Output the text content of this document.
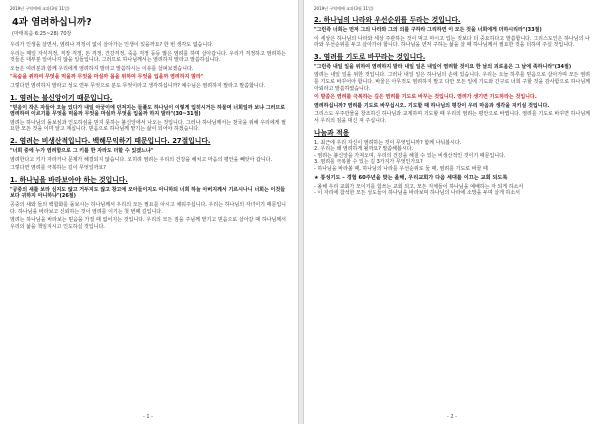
2019년 구역예배 교과(3월 11일)
4과 염려하십니까?
(마태복음 6:25~28) 70장

우리가 인생을 살면서, 염려나 걱정이 없이 살아가는 인생이 있을까요? 한 번 생각도 없습니다.

우리는 매일 자식걱정, 직장 걱정, 돈 걱정, 건강걱정, 죽음 걱정 등등 많은 염려를 하며 살아갑니다. 우리가 걱정하고 염려하는 것들은 대부분 일어나지 않을 일들입니다. 그러므로 하나님께서는 염려하지 말라고 말씀하십니다.

오늘은 여러분과 함께 우리에게 염려하지 말라고 말씀하시는 이유를 살펴보겠습니다.

"목숨을 위하여 무엇을 먹을까 무엇을 마실까 몸을 위하여 무엇을 입을까 염려하지 말라"

그렇다면 염려하지 말라고 성도 연두 무엇으로 분도 무엇이라고 생각하십니까? 예수님은 염려하지 말라고 말씀합니다.

1. 염려는 불신앙이기 때문입니다.
"믿음이 작은 자들아 오늘 있다가 내일 아궁이에 던져지는 들풀도 하나님이 이렇게 입히시거든 하물며 너희일까 보냐 그러므로 염려하여 이르기를 무엇을 먹을까 무엇을 마실까 무엇을 입을까 하지 말라"(30~31절)

염려는 하나님의 돌보심과 인도하심을 믿지 못하는 불신앙에서 나오는 것입니다. 그러나 하나님께서는 천국을 위해 우리에게 필요한 모든 것을 이미 알고 계십니다. 믿음으로 하나님께 맡기는 삶이 되어야 하겠습니다.

2. 염려는 비생산적입니다. 백해무익하기 때문입니다. 27절입니다.
"너희 중에 누가 염려함으로 그 키를 한 자라도 더할 수 있겠느냐"

염려한다고 키가 자라거나 문제가 해결되지 않습니다. 오히려 염려는 우리의 건강을 해치고 마음의 평안을 빼앗아 갑니다.

그렇다면 염려를 극복하는 길이 무엇일까요?

1. 하나님을 바라보아야 하는 것입니다.
"공중의 새를 보라 심지도 않고 거두지도 않고 창고에 모아들이지도 아니하되 너희 하늘 아버지께서 기르시나니 너희는 이것들보다 귀하지 아니하냐"(26절)

공중의 새와 들의 백합화를 돌보시는 하나님께서 우리의 모든 필요를 아시고 채워주십니다. 우리는 하나님의 자녀이기 때문입니다. 하나님을 바라보고 신뢰하는 것이 염려를 이기는 첫 번째 길입니다.

염려는 하나님을 바라보는 믿음을 가질 때 없어지는 것입니다. 우리의 모든 짐을 주님께 맡기고 믿음으로 살아갈 때 하나님께서 우리의 삶을 책임지시고 인도하실 것입니다.

- 1 -
2019년 구역예배 교과(3월 11일)
2. 하나님의 나라와 우선순위를 두라는 것입니다.
"그런즉 너희는 먼저 그의 나라와 그의 의를 구하라 그리하면 이 모든 것을 너희에게 더하시리라"(33절)

이 세상은 하나님의 나라와 세상 주관하는 것이 먹고 마시고 입는 것보다 더 중요하다고 말씀합니다. 그리스도인은 하나님의 나라와 우선순위를 두고 살아가야 합니다. 하나님을 먼저 구하는 삶을 살 때 하나님께서 필요한 것을 더하여 주실 것입니다.

3. 염려를 기도로 바꾸라는 것입니다.
"그런즉 내일 일을 위하여 염려하지 말라 내일 일은 내일이 염려할 것이요 한 날의 괴로움은 그 날에 족하니라"(34절)

염려는 내일 일을 위한 것입니다. 그러나 내일 일은 하나님의 손에 있습니다. 우리는 오늘 하루를 믿음으로 살아가며 모든 염려를 기도로 바꾸어야 합니다. 바울은 아무것도 염려하지 말고 다만 모든 일에 기도와 간구로 너희 구할 것을 감사함으로 하나님께 아뢰라고 말씀하였습니다.

이 말씀은 염려를 극복하는 길은 염려를 기도로 바꾸는 것입니다. 염려가 생기면 기도하라는 것입니다.
염려하십니까? 염려를 기도로 바꾸십시오. 기도할 때 하나님의 평강이 우리 마음과 생각을 지키실 것입니다.

그리스도 우주만물을 창조하신 하나님과 교제하며 기도할 때 우리의 염려는 평안으로 바뀝니다. 염려를 기도로 바꾸면 하나님께서 우리의 짐을 대신 져 주십니다.

나눔과 적용
1. 최근에 우리 자신이 염려하는 것이 무엇입니까? 함께 나눠봅시다.
2. 우리는 왜 염려하게 될까요? 말씀해봅시다.
- 염려는 불신앙을 가져오며, 우리의 건강을 해칠 수 있는 비생산적인 것이기 때문입니다.
3. 염려를 극복할 수 있는 길 3가지가 무엇인가요?
- 하나님을 바라볼 때, 하나님의 나라를 우선순위로 둘 때, 염려를 기도로 바꿀 때
★ 통성기도 – 경험 60주년을 맞는 올해, 우리교회가 다음 세대를 이끄는 교회 되도록
- 올해 우리 교회가 모이기를 힘쓰는 교회 되고, 모든 지체들이 하나님을 예배하는 자 되게 하소서
- 이 자리에 참석한 모든 성도들이 하나님을 바라보며 하나님의 나라에 소망을 두며 살게 하소서
- 2 -
